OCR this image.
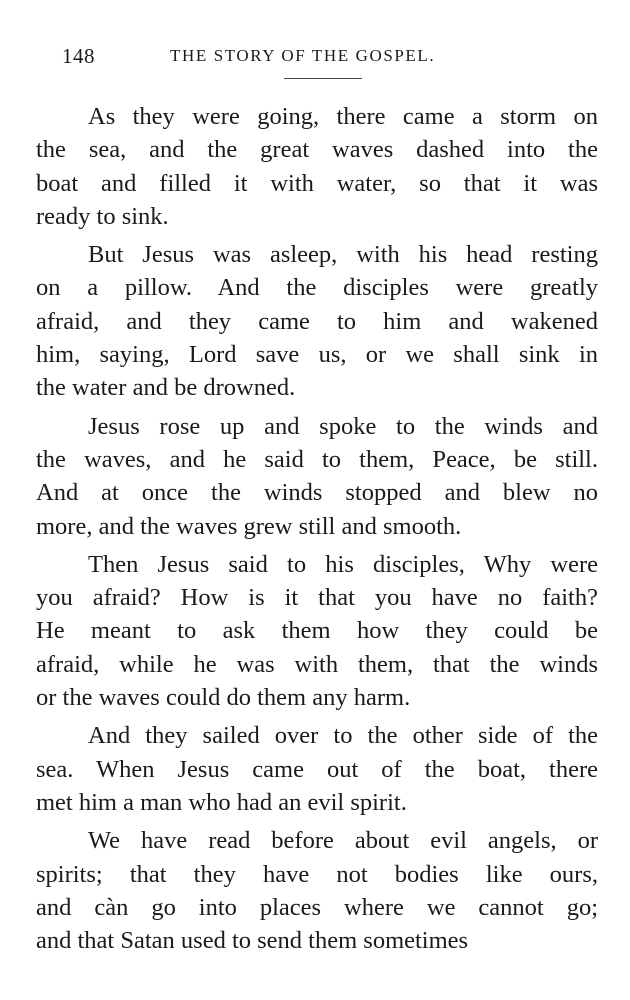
148	THE STORY OF THE GOSPEL.

As they were going, there came a storm on
the sea, and the great waves dashed into the
boat and filled it with water, so that it was
ready to sink.

But Jesus was asleep, with his head resting
on a pillow. And the disciples were greatly
afraid, and they came to him and wakened
him, saying, Lord save us, or we shall sink in
the water and be drowned.

Jesus rose up and spoke to the winds and
the waves, and he said to them, Peace, be still.
And at once the winds stopped and blew no
more, and the waves grew still and smooth.

Then Jesus said to his disciples, Why were
you afraid? How is it that you have no faith?
He meant to ask them how they could be
afraid, while he was with them, that the winds
or the waves could do them any harm.

And they sailed over to the other side of the
sea. When Jesus came out of the boat, there
met him a man who had an evil spirit.

We have read before about evil angels, or
spirits; that they have not bodies like ours,
and càn go into places where we cannot go;
and that Satan used to send them sometimes
